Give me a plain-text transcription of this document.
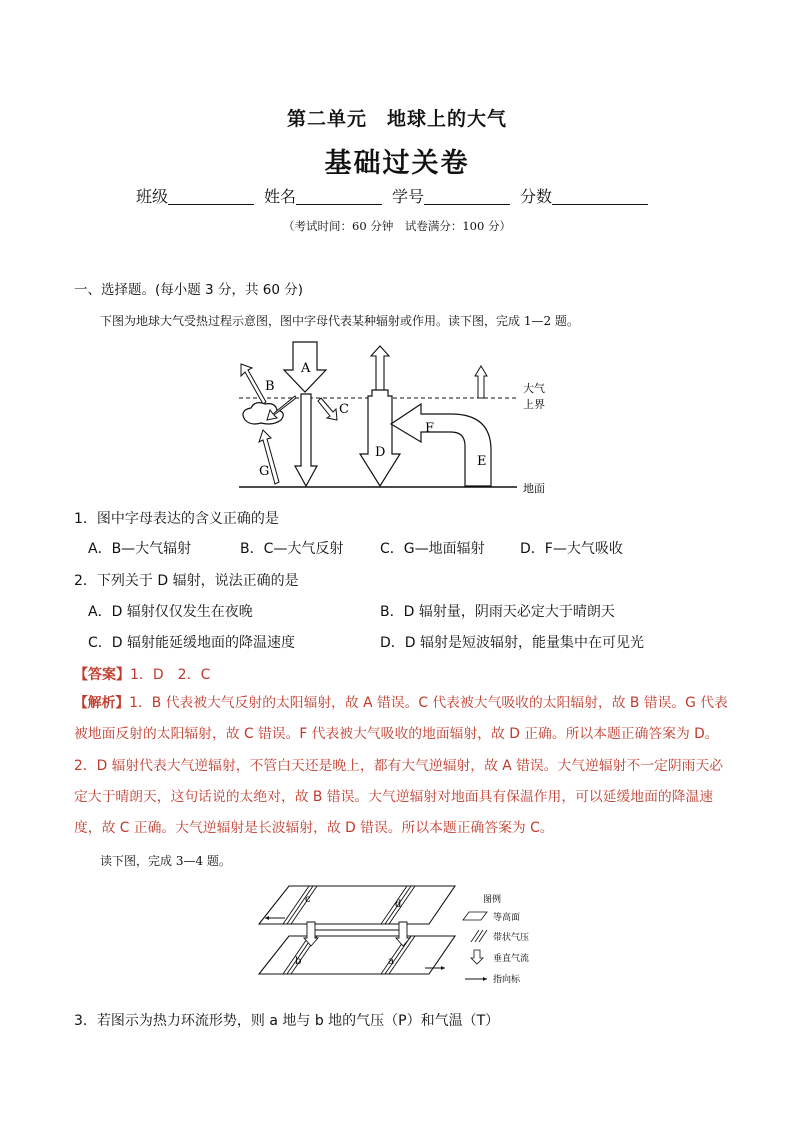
第二单元　地球上的大气
基础过关卷
班级	姓名	学号	分数
（考试时间：60 分钟　试卷满分：100 分）
一、选择题。(每小题 3 分，共 60 分)
下图为地球大气受热过程示意图，图中字母代表某种辐射或作用。读下图，完成 1—2 题。
A
B
C
G
D
F
E
大气
上界
地面
1．图中字母表达的含义正确的是
A．B—大气辐射	B．C—大气反射	C．G—地面辐射	D．F—大气吸收
2．下列关于 D 辐射，说法正确的是
A．D 辐射仅仅发生在夜晚	B．D 辐射量，阴雨天必定大于晴朗天
C．D 辐射能延缓地面的降温速度	D．D 辐射是短波辐射，能量集中在可见光
【答案】1．D　2．C
【解析】1．B 代表被大气反射的太阳辐射，故 A 错误。C 代表被大气吸收的太阳辐射，故 B 错误。G 代表
被地面反射的太阳辐射，故 C 错误。F 代表被大气吸收的地面辐射，故 D 正确。所以本题正确答案为 D。
2．D 辐射代表大气逆辐射，不管白天还是晚上，都有大气逆辐射，故 A 错误。大气逆辐射不一定阴雨天必
定大于晴朗天，这句话说的太绝对，故 B 错误。大气逆辐射对地面具有保温作用，可以延缓地面的降温速
度，故 C 正确。大气逆辐射是长波辐射，故 D 错误。所以本题正确答案为 C。
读下图，完成 3—4 题。
c	d
b	a
图例
等高面
带状气压
垂直气流
指向标
3．若图示为热力环流形势，则 a 地与 b 地的气压（P）和气温（T）
